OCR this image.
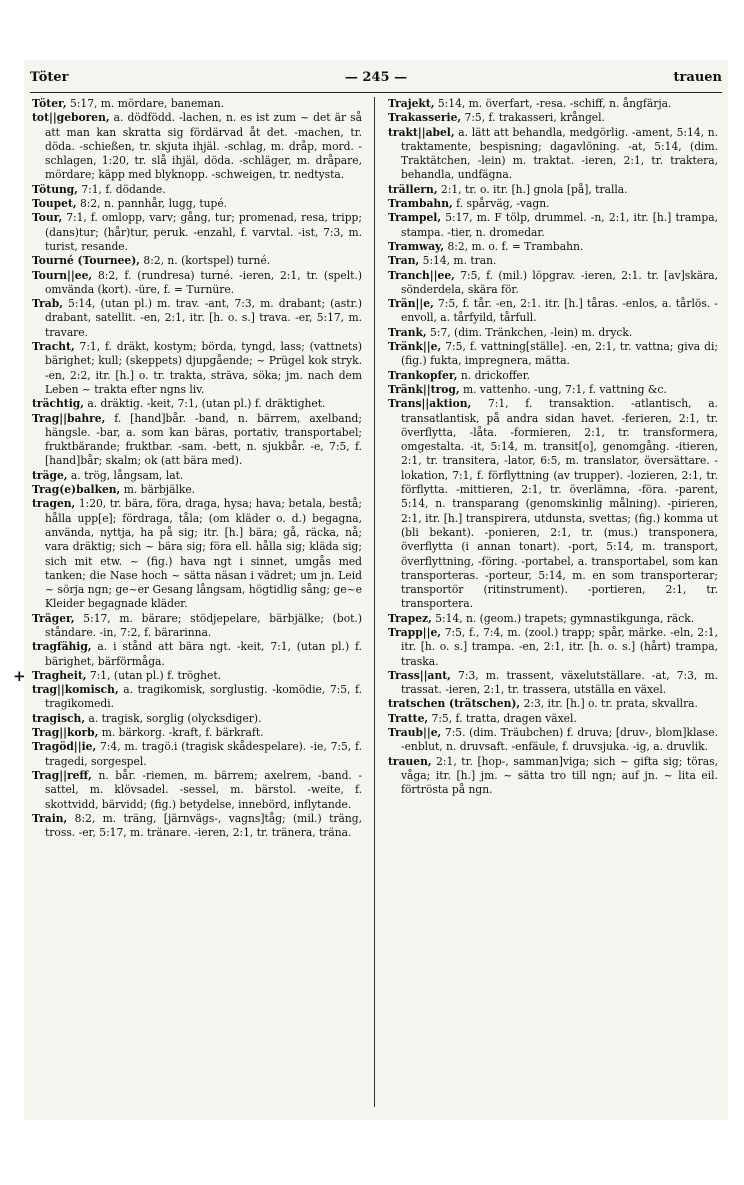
Töter	— 245 —	trauen

Töter, 5:17, m. mördare, baneman.

tot||geboren, a. dödfödd. -lachen, n. es ist zum ~ det är så att man kan skratta sig fördärvad åt det. -machen, tr. döda. -schießen, tr. skjuta ihjäl. -schlag, m. dråp, mord. -schlagen, 1:20, tr. slå ihjäl, döda. -schläger, m. dråpare, mördare; käpp med blyknopp. -schweigen, tr. nedtysta.

Tötung, 7:1, f. dödande.

Toupet, 8:2, n. pannhår, lugg, tupé.

Tour, 7:1, f. omlopp, varv; gång, tur; promenad, resa, tripp; (dans)tur; (hår)tur, peruk. -enzahl, f. varvtal. -ist, 7:3, m. turist, resande.

Tourné (Tournee), 8:2, n. (kortspel) turné.

Tourn||ee, 8:2, f. (rundresa) turné. -ieren, 2:1, tr. (spelt.) omvända (kort). -üre, f. = Turnüre.

Trab, 5:14, (utan pl.) m. trav. -ant, 7:3, m. drabant; (astr.) drabant, satellit. -en, 2:1, itr. [h. o. s.] trava. -er, 5:17, m. travare.

Tracht, 7:1, f. dräkt, kostym; börda, tyngd, lass; (vattnets) bärighet; kull; (skeppets) djupgående; ~ Prügel kok stryk. -en, 2:2, itr. [h.] o. tr. trakta, sträva, söka; jm. nach dem Leben ~ trakta efter ngns liv.

trächtig, a. dräktig. -keit, 7:1, (utan pl.) f. dräktighet.

Trag||bahre, f. [hand]bår. -band, n. bärrem, axelband; hängsle. -bar, a. som kan bäras, portativ, transportabel; fruktbärande; fruktbar. -sam. -bett, n. sjukbår. -e, 7:5, f. [hand]bår; skalm; ok (att bära med).

träge, a. trög, långsam, lat.

Trag(e)balken, m. bärbjälke.

tragen, 1:20, tr. bära, föra, draga, hysa; hava; betala, bestå; hålla upp[e]; fördraga, tåla; (om kläder o. d.) begagna, använda, nyttja, ha på sig; itr. [h.] bära; gå, räcka, nå; vara dräktig; sich ~ bära sig; föra ell. hålla sig; kläda sig; sich mit etw. ~ (fig.) hava ngt i sinnet, umgås med tanken; die Nase hoch ~ sätta näsan i vädret; um jn. Leid ~ sörja ngn; ge~er Gesang långsam, högtidlig sång; ge~e Kleider begagnade kläder.

Träger, 5:17, m. bärare; stödjepelare, bärbjälke; (bot.) ståndare. -in, 7:2, f. bärarinna.

tragfähig, a. i stånd att bära ngt. -keit, 7:1, (utan pl.) f. bärighet, bärförmåga.

+ Tragheit, 7:1, (utan pl.) f. tröghet.

trag||komisch, a. tragikomisk, sorglustig. -komödie, 7:5, f. tragikomedi.

tragisch, a. tragisk, sorglig (olycksdiger).

Trag||korb, m. bärkorg. -kraft, f. bärkraft.

Tragöd||ie, 7:4, m. tragö.i (tragisk skådespelare). -ie, 7:5, f. tragedi, sorgespel.

Trag||reff, n. bår. -riemen, m. bärrem; axelrem, -band. -sattel, m. klövsadel. -sessel, m. bärstol. -weite, f. skottvidd, bärvidd; (fig.) betydelse, innebörd, inflytande.

Train, 8:2, m. träng, [järnvägs-, vagns]tåg; (mil.) träng, tross. -er, 5:17, m. tränare. -ieren, 2:1, tr. tränera, träna.

Trajekt, 5:14, m. överfart, -resa. -schiff, n. ångfärja.

Trakasserie, 7:5, f. trakasseri, krångel.

trakt||abel, a. lätt att behandla, medgörlig. -ament, 5:14, n. traktamente, bespisning; dagavlöning. -at, 5:14, (dim. Traktätchen, -lein) m. traktat. -ieren, 2:1, tr. traktera, behandla, undfägna.

trällern, 2:1, tr. o. itr. [h.] gnola [på], tralla.

Trambahn, f. spårväg, -vagn.

Trampel, 5:17, m. F tölp, drummel. -n, 2:1, itr. [h.] trampa, stampa. -tier, n. dromedar.

Tramway, 8:2, m. o. f. = Trambahn.

Tran, 5:14, m. tran.

Tranch||ee, 7:5, f. (mil.) löpgrav. -ieren, 2:1. tr. [av]skära, sönderdela, skära för.

Trän||e, 7:5, f. tår. -en, 2:1. itr. [h.] tåras. -enlos, a. tårlös. -envoll, a. tårfyild, tårfull.

Trank, 5:7, (dim. Tränkchen, -lein) m. dryck.

Tränk||e, 7:5, f. vattning[ställe]. -en, 2:1, tr. vattna; giva di; (fig.) fukta, impregnera, mätta.

Trankopfer, n. drickoffer.

Tränk||trog, m. vattenho. -ung, 7:1, f. vattning &c.

Trans||aktion, 7:1, f. transaktion. -atlantisch, a. transatlantisk, på andra sidan havet. -ferieren, 2:1, tr. överflytta, -låta. -formieren, 2:1, tr. transformera, omgestalta. -it, 5:14, m. transit[o], genomgång. -itieren, 2:1, tr. transitera, -lator, 6:5, m. translator, översättare. -lokation, 7:1, f. förflyttning (av trupper). -lozieren, 2:1, tr. förflytta. -mittieren, 2:1, tr. överlämna, -föra. -parent, 5:14, n. transparang (genomskinlig målning). -pirieren, 2:1, itr. [h.] transpirera, utdunsta, svettas; (fig.) komma ut (bli bekant). -ponieren, 2:1, tr. (mus.) transponera, överflytta (i annan tonart). -port, 5:14, m. transport, överflyttning, -föring. -portabel, a. transportabel, som kan transporteras. -porteur, 5:14, m. en som transporterar; transportör (ritinstrument). -portieren, 2:1, tr. transportera.

Trapez, 5:14, n. (geom.) trapets; gymnastikgunga, räck.

Trapp||e, 7:5, f., 7:4, m. (zool.) trapp; spår, märke. -eln, 2:1, itr. [h. o. s.] trampa. -en, 2:1, itr. [h. o. s.] (hårt) trampa, traska.

Trass||ant, 7:3, m. trassent, växelutställare. -at, 7:3, m. trassat. -ieren, 2:1, tr. trassera, utställa en växel.

tratschen (trätschen), 2:3, itr. [h.] o. tr. prata, skvallra.

Tratte, 7:5, f. tratta, dragen växel.

Traub||e, 7:5. (dim. Träubchen) f. druva; [druv-, blom]klase. -enblut, n. druvsaft. -enfäule, f. druvsjuka. -ig, a. druvlik.

trauen, 2:1, tr. [hop-, samman]viga; sich ~ gifta sig; töras, våga; itr. [h.] jm. ~ sätta tro till ngn; auf jn. ~ lita eil. förtrösta på ngn.
